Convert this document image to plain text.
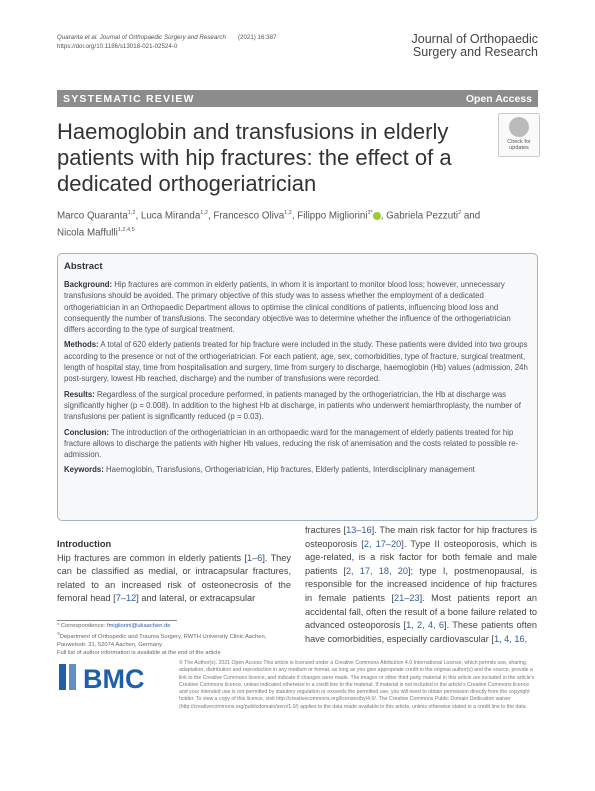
Quaranta et al. Journal of Orthopaedic Surgery and Research (2021) 16:387
https://doi.org/10.1186/s13018-021-02524-0
Journal of Orthopaedic
Surgery and Research
SYSTEMATIC REVIEW	Open Access
Haemoglobin and transfusions in elderly patients with hip fractures: the effect of a dedicated orthogeriatrician
Check for
updates
Marco Quaranta$^{1,2}$, Luca Miranda$^{1,2}$, Francesco Oliva$^{1,2}$, Filippo Migliorini$^{3*}$ , Gabriela Pezzuti$^2$ and
Nicola Maffulli$^{1,2,4,5}$
Abstract

Background: Hip fractures are common in elderly patients, in whom it is important to monitor blood loss; however, unnecessary transfusions should be avoided. The primary objective of this study was to assess whether the employment of a dedicated orthogeriatrician in an Orthopaedic Department allows to optimise the clinical conditions of patients, influencing blood loss and consequently the number of transfusions. The secondary objective was to determine whether the influence of the orthogeriatrician differs according to the type of surgical treatment.

Methods: A total of 620 elderly patients treated for hip fracture were included in the study. These patients were divided into two groups according to the presence or not of the orthogeriatrician. For each patient, age, sex, comorbidities, type of fracture, surgical treatment, length of hospital stay, time from hospitalisation and surgery, time from surgery to discharge, haemoglobin (Hb) values (admission, 24h post-surgery, lowest Hb reached, discharge) and the number of transfusions were recorded.

Results: Regardless of the surgical procedure performed, in patients managed by the orthogeriatrician, the Hb at discharge was significantly higher (p = 0.008). In addition to the highest Hb at discharge, in patients who underwent hemiarthroplasty, the number of transfusions per patient is significantly reduced (p = 0.03).

Conclusion: The introduction of the orthogeriatrician in an orthopaedic ward for the management of elderly patients treated for hip fracture allows to discharge the patients with higher Hb values, reducing the risk of anemisation and the costs related to possible re-admission.

Keywords: Haemoglobin, Transfusions, Orthogeriatrician, Hip fractures, Elderly patients, Interdisciplinary management

Introduction
Hip fractures are common in elderly patients [1–6]. They can be classified as medial, or intracapsular fractures, related to an increased risk of osteonecrosis of the femoral head [7–12] and lateral, or extracapsular
fractures [13–16]. The main risk factor for hip fractures is osteoporosis [2, 17–20]. Type II osteoporosis, which is age-related, is a risk factor for both female and male patients [2, 17, 18, 20]; type I, postmenopausal, is responsible for the increased incidence of hip fractures in female patients [21–23]. Most patients report an accidental fall, often the result of a bone failure related to advanced osteoporosis [1, 2, 4, 6]. These patients often have comorbidities, especially cardiovascular [1, 4, 16,
* Correspondence: fmigliorini@ukaachen.de
$^3$Department of Orthopedic and Trauma Surgery, RWTH University Clinic Aachen, Pauwelsstr. 31, 52074 Aachen, Germany
Full list of author information is available at the end of the article
BMC
© The Author(s). 2021 Open Access This article is licensed under a Creative Commons Attribution 4.0 International License, which permits use, sharing, adaptation, distribution and reproduction in any medium or format, as long as you give appropriate credit to the original author(s) and the source, provide a link to the Creative Commons licence, and indicate if changes were made. The images or other third party material in this article are included in the article's Creative Commons licence, unless indicated otherwise in a credit line to the material. If material is not included in the article's Creative Commons licence and your intended use is not permitted by statutory regulation or exceeds the permitted use, you will need to obtain permission directly from the copyright holder. To view a copy of this licence, visit http://creativecommons.org/licenses/by/4.0/. The Creative Commons Public Domain Dedication waiver (http://creativecommons.org/publicdomain/zero/1.0/) applies to the data made available in this article, unless otherwise stated in a credit line to the data.
